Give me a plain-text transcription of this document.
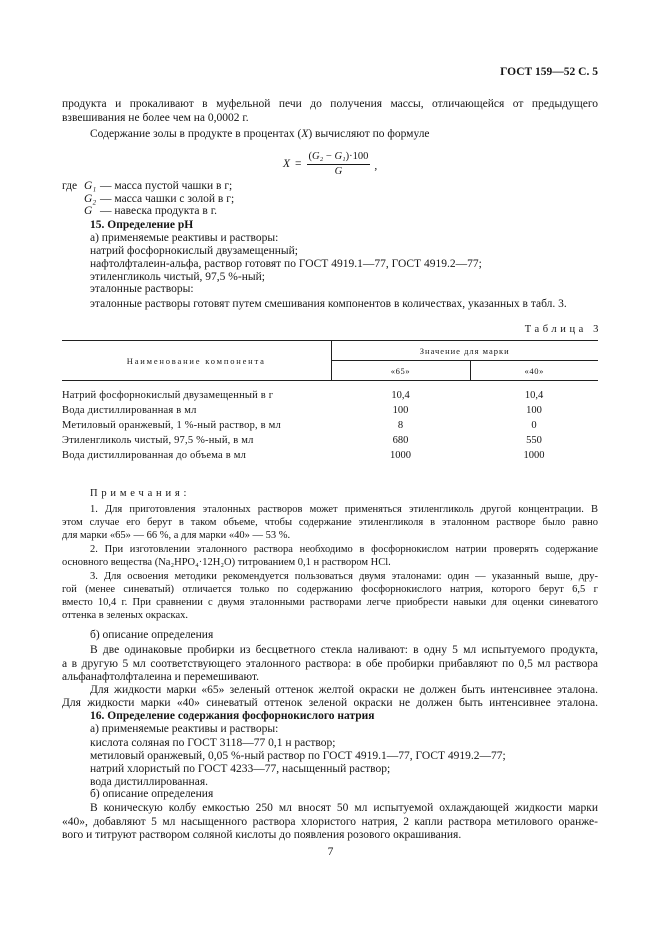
ГОСТ 159—52 С. 5
продукта и прокаливают в муфельной печи до получения массы, отличающейся от предыдущего
взвешивания не более чем на 0,0002 г.
Содержание золы в продукте в процентах (X) вычисляют по формуле
$X = \frac{\text{(G₂ − G₁)·100}}{G}$ ,
где G₁ — масса пустой чашки в г;
G₂ — масса чашки с золой в г;
G — навеска продукта в г.
15. Определение pH
а) применяемые реактивы и растворы:
натрий фосфорнокислый двузамещенный;
нафтолфталеин-альфа, раствор готовят по ГОСТ 4919.1—77, ГОСТ 4919.2—77;
этиленгликоль чистый, 97,5 %-ный;
эталонные растворы:
эталонные растворы готовят путем смешивания компонентов в количествах, указанных в табл. 3.
Таблица 3
Наименование компонента	Значение для марки	
	«65»	«40»

Натрий фосфорнокислый двузамещенный в г	10,4	10,4
Вода дистиллированная в мл	100	100
Метиловый оранжевый, 1 %-ный раствор, в мл	8	0
Этиленгликоль чистый, 97,5 %-ный, в мл	680	550
Вода дистиллированная до объема в мл	1000	1000
Примечания:
1. Для приготовления эталонных растворов может применяться этиленгликоль другой концентрации. В
этом случае его берут в таком объеме, чтобы содержание этиленгликоля в эталонном растворе было равно
для марки «65» — 66 %, а для марки «40» — 53 %.
2. При изготовлении эталонного раствора необходимо в фосфорнокислом натрии проверять содержание
основного вещества (Na₂HPO₄·12H₂O) титрованием 0,1 н раствором HCl.
3. Для освоения методики рекомендуется пользоваться двумя эталонами: один — указанный выше, дру-
гой (менее синеватый) отличается только по содержанию фосфорнокислого натрия, которого берут 6,5 г
вместо 10,4 г. При сравнении с двумя эталонными растворами легче приобрести навыки для оценки синеватого
оттенка в зеленых окрасках.
б) описание определения
В две одинаковые пробирки из бесцветного стекла наливают: в одну 5 мл испытуемого продукта,
а в другую 5 мл соответствующего эталонного раствора: в обе пробирки прибавляют по 0,5 мл раствора
альфанафтолфталеина и перемешивают.
Для жидкости марки «65» зеленый оттенок желтой окраски не должен быть интенсивнее эталона.
Для жидкости марки «40» синеватый оттенок зеленой окраски не должен быть интенсивнее эталона.
16. Определение содержания фосфорнокислого натрия
а) применяемые реактивы и растворы:
кислота соляная по ГОСТ 3118—77 0,1 н раствор;
метиловый оранжевый, 0,05 %-ный раствор по ГОСТ 4919.1—77, ГОСТ 4919.2—77;
натрий хлористый по ГОСТ 4233—77, насыщенный раствор;
вода дистиллированная.
б) описание определения
В коническую колбу емкостью 250 мл вносят 50 мл испытуемой охлаждающей жидкости марки
«40», добавляют 5 мл насыщенного раствора хлористого натрия, 2 капли раствора метилового оранже-
вого и титруют раствором соляной кислоты до появления розового окрашивания.
7
